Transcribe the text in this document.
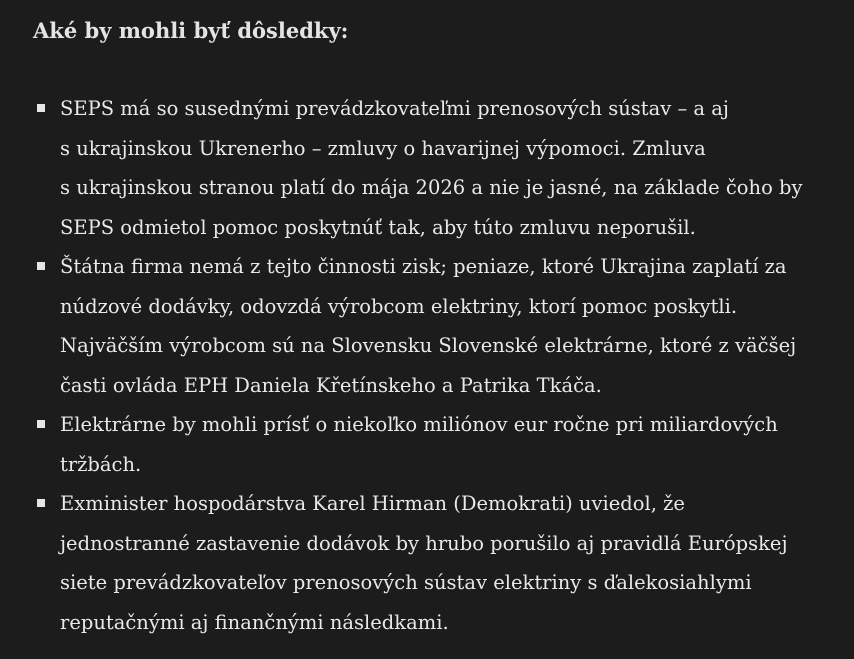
Aké by mohli byť dôsledky:
SEPS má so susednými prevádzkovateľmi prenosových sústav – a aj
s ukrajinskou Ukrenerho – zmluvy o havarijnej výpomoci. Zmluva
s ukrajinskou stranou platí do mája 2026 a nie je jasné, na základe čoho by
SEPS odmietol pomoc poskytnúť tak, aby túto zmluvu neporušil.
Štátna firma nemá z tejto činnosti zisk; peniaze, ktoré Ukrajina zaplatí za
núdzové dodávky, odovzdá výrobcom elektriny, ktorí pomoc poskytli.
Najväčším výrobcom sú na Slovensku Slovenské elektrárne, ktoré z väčšej
časti ovláda EPH Daniela Křetínskeho a Patrika Tkáča.
Elektrárne by mohli prísť o niekoľko miliónov eur ročne pri miliardových
tržbách.
Exminister hospodárstva Karel Hirman (Demokrati) uviedol, že
jednostranné zastavenie dodávok by hrubo porušilo aj pravidlá Európskej
siete prevádzkovateľov prenosových sústav elektriny s ďalekosiahlymi
reputačnými aj finančnými následkami.
